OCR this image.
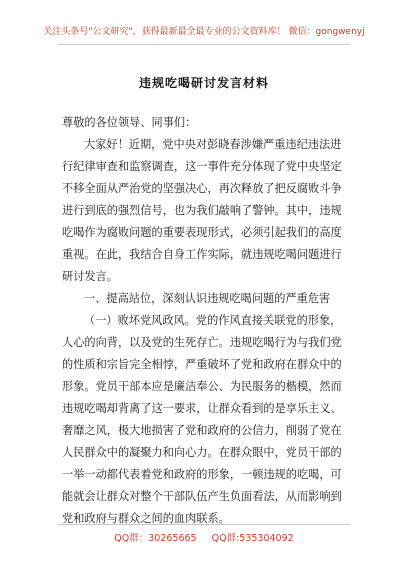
关注头条号"公文研究"，获得最新最全最专业的公文资料库！ 微信：gongwenyj
违规吃喝研讨发言材料
尊敬的各位领导、同事们：
大家好！近期，党中央对彭晓春涉嫌严重违纪违法进
行纪律审查和监察调查，这一事件充分体现了党中央坚定
不移全面从严治党的坚强决心，再次释放了把反腐败斗争
进行到底的强烈信号，也为我们敲响了警钟。其中，违规
吃喝作为腐败问题的重要表现形式，必须引起我们的高度
重视。在此，我结合自身工作实际，就违规吃喝问题进行
研讨发言。
一、提高站位，深刻认识违规吃喝问题的严重危害
（一）败坏党风政风。党的作风直接关联党的形象，
人心的向背，以及党的生死存亡。违规吃喝行为与我们党
的性质和宗旨完全相悖，严重破坏了党和政府在群众中的
形象。党员干部本应是廉洁奉公、为民服务的楷模，然而
违规吃喝却背离了这一要求，让群众看到的是享乐主义、
奢靡之风，极大地损害了党和政府的公信力，削弱了党在
人民群众中的凝聚力和向心力。在群众眼中，党员干部的
一举一动都代表着党和政府的形象，一顿违规的吃喝，可
能就会让群众对整个干部队伍产生负面看法，从而影响到
党和政府与群众之间的血肉联系。
QQ群：30265665 QQ群:535304092
